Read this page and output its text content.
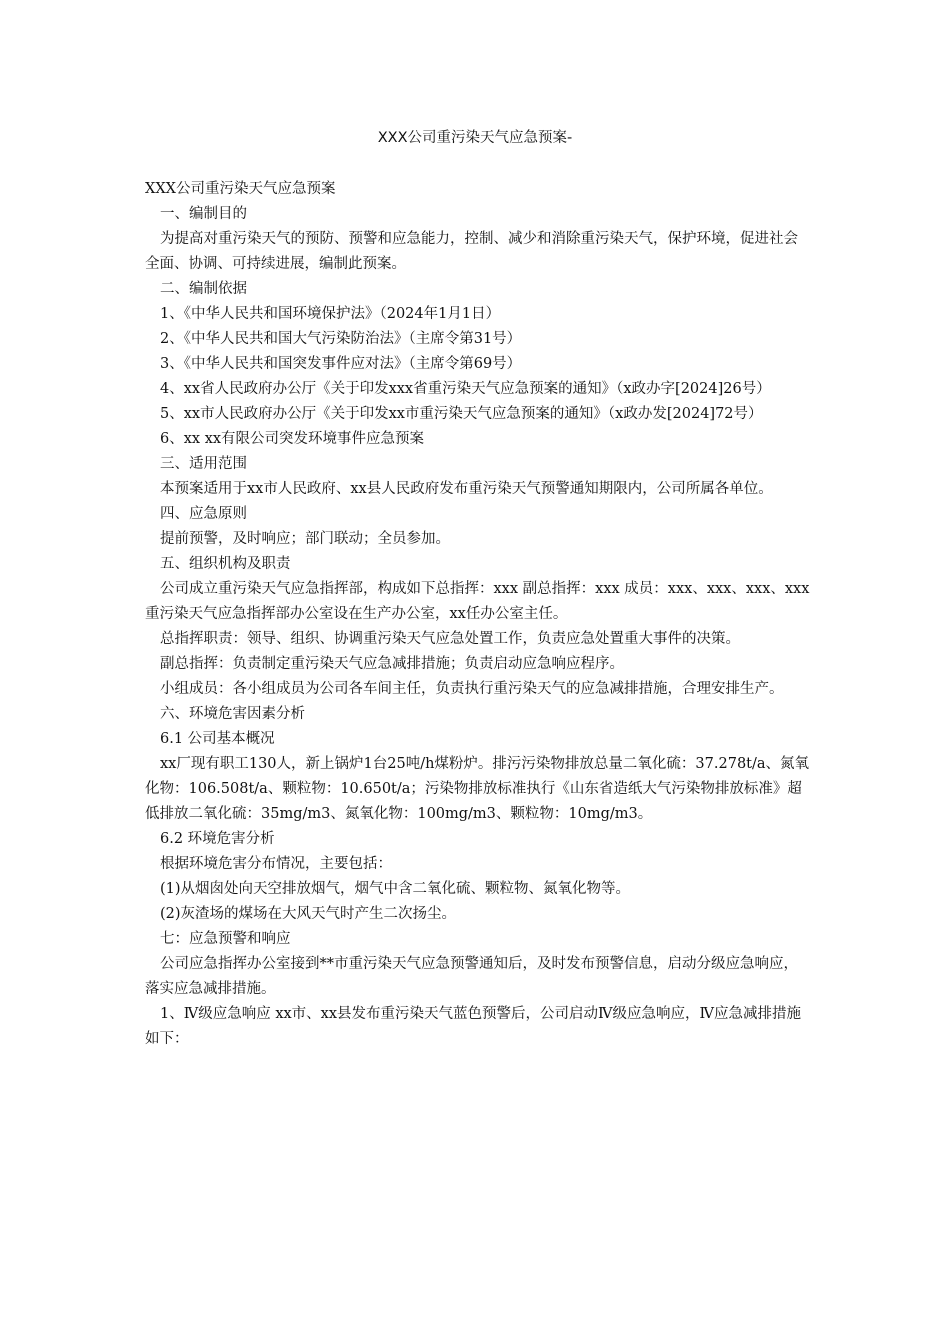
XXX公司重污染天气应急预案-

XXX公司重污染天气应急预案

一、编制目的

为提高对重污染天气的预防、预警和应急能力，控制、减少和消除重污染天气，保护环境，促进社会全面、协调、可持续进展，编制此预案。

二、编制依据

1、《中华人民共和国环境保护法》（2024年1月1日）

2、《中华人民共和国大气污染防治法》（主席令第31号）

3、《中华人民共和国突发事件应对法》（主席令第69号）

4、xx省人民政府办公厅《关于印发xxx省重污染天气应急预案的通知》（x政办字[2024]26号）

5、xx市人民政府办公厅《关于印发xx市重污染天气应急预案的通知》（x政办发[2024]72号）

6、xx xx有限公司突发环境事件应急预案

三、适用范围

本预案适用于xx市人民政府、xx县人民政府发布重污染天气预警通知期限内，公司所属各单位。

四、应急原则

提前预警，及时响应；部门联动；全员参加。

五、组织机构及职责

公司成立重污染天气应急指挥部，构成如下总指挥：xxx 副总指挥：xxx 成员：xxx、xxx、xxx、xxx 重污染天气应急指挥部办公室设在生产办公室，xx任办公室主任。

总指挥职责：领导、组织、协调重污染天气应急处置工作，负责应急处置重大事件的决策。

副总指挥：负责制定重污染天气应急减排措施；负责启动应急响应程序。

小组成员：各小组成员为公司各车间主任，负责执行重污染天气的应急减排措施，合理安排生产。

六、环境危害因素分析

6.1 公司基本概况

xx厂现有职工130人，新上锅炉1台25吨/h煤粉炉。排污污染物排放总量二氧化硫：37.278t/a、氮氧化物：106.508t/a、颗粒物：10.650t/a；污染物排放标准执行《山东省造纸大气污染物排放标准》超低排放二氧化硫：35mg/m3、氮氧化物：100mg/m3、颗粒物：10mg/m3。

6.2 环境危害分析

根据环境危害分布情况，主要包括：

(1)从烟囱处向天空排放烟气，烟气中含二氧化硫、颗粒物、氮氧化物等。

(2)灰渣场的煤场在大风天气时产生二次扬尘。

七：应急预警和响应

公司应急指挥办公室接到**市重污染天气应急预警通知后，及时发布预警信息，启动分级应急响应，落实应急减排措施。

1、Ⅳ级应急响应 xx市、xx县发布重污染天气蓝色预警后，公司启动Ⅳ级应急响应，Ⅳ应急减排措施如下：
